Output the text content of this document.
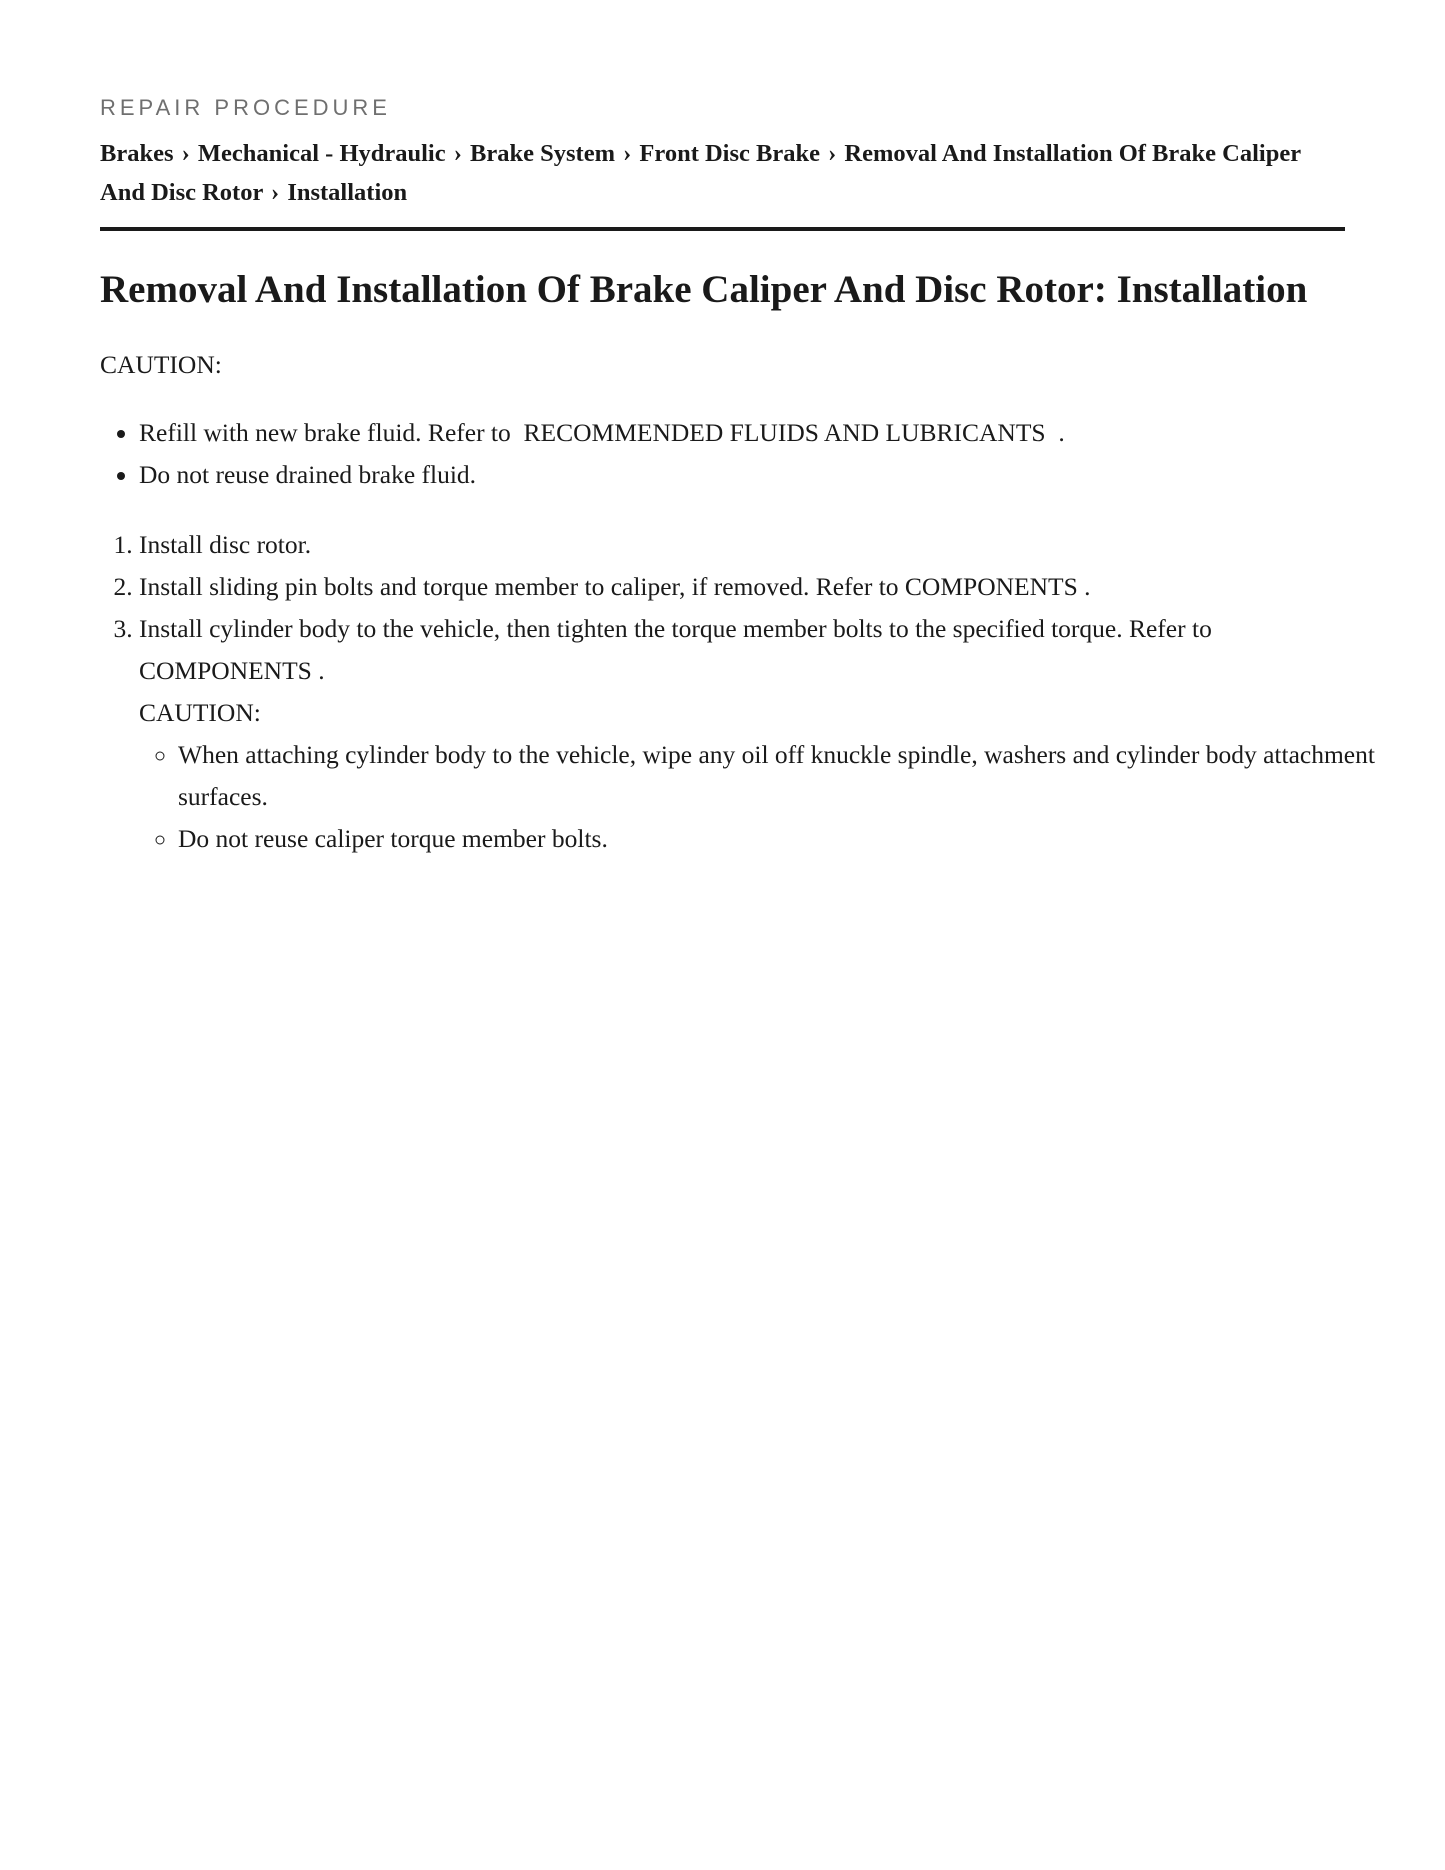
REPAIR PROCEDURE
Brakes › Mechanical - Hydraulic › Brake System › Front Disc Brake › Removal And Installation Of Brake Caliper And Disc Rotor › Installation
Removal And Installation Of Brake Caliper And Disc Rotor: Installation
CAUTION:
• Refill with new brake fluid. Refer to  RECOMMENDED FLUIDS AND LUBRICANTS  .
• Do not reuse drained brake fluid.
1. Install disc rotor.
2. Install sliding pin bolts and torque member to caliper, if removed. Refer to COMPONENTS .
3. Install cylinder body to the vehicle, then tighten the torque member bolts to the specified torque. Refer to COMPONENTS .
CAUTION:
◦ When attaching cylinder body to the vehicle, wipe any oil off knuckle spindle, washers and cylinder body attachment surfaces.
◦ Do not reuse caliper torque member bolts.
